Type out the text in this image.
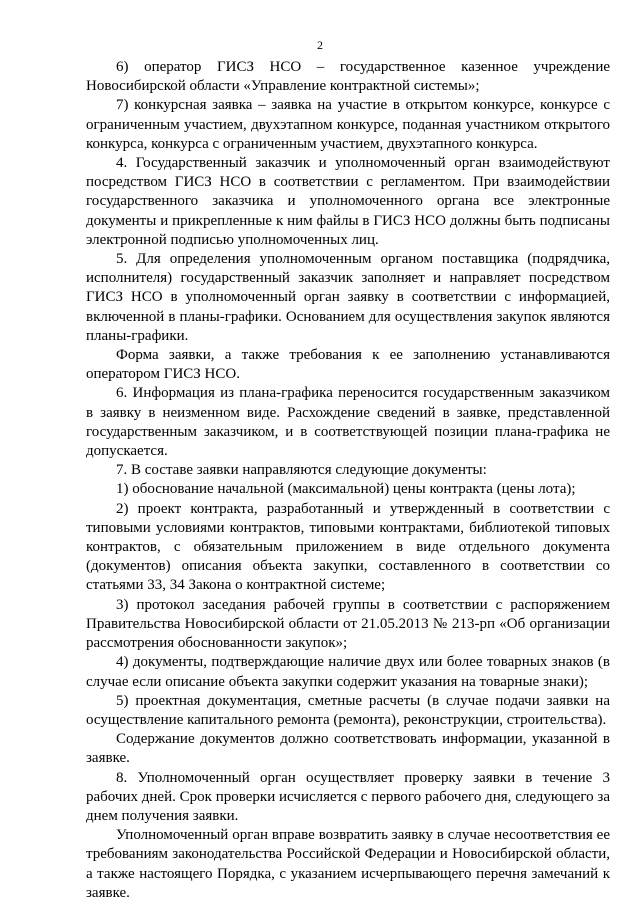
2

6) оператор ГИСЗ НСО – государственное казенное учреждение Новосибирской области «Управление контрактной системы»;

7) конкурсная заявка – заявка на участие в открытом конкурсе, конкурсе с ограниченным участием, двухэтапном конкурсе, поданная участником открытого конкурса, конкурса с ограниченным участием, двухэтапного конкурса.

4. Государственный заказчик и уполномоченный орган взаимодействуют посредством ГИСЗ НСО в соответствии с регламентом. При взаимодействии государственного заказчика и уполномоченного органа все электронные документы и прикрепленные к ним файлы в ГИСЗ НСО должны быть подписаны электронной подписью уполномоченных лиц.

5. Для определения уполномоченным органом поставщика (подрядчика, исполнителя) государственный заказчик заполняет и направляет посредством ГИСЗ НСО в уполномоченный орган заявку в соответствии с информацией, включенной в планы-графики. Основанием для осуществления закупок являются планы-графики.

Форма заявки, а также требования к ее заполнению устанавливаются оператором ГИСЗ НСО.

6. Информация из плана-графика переносится государственным заказчиком в заявку в неизменном виде. Расхождение сведений в заявке, представленной государственным заказчиком, и в соответствующей позиции плана-графика не допускается.

7. В составе заявки направляются следующие документы:

1) обоснование начальной (максимальной) цены контракта (цены лота);

2) проект контракта, разработанный и утвержденный в соответствии с типовыми условиями контрактов, типовыми контрактами, библиотекой типовых контрактов, с обязательным приложением в виде отдельного документа (документов) описания объекта закупки, составленного в соответствии со статьями 33, 34 Закона о контрактной системе;

3) протокол заседания рабочей группы в соответствии с распоряжением Правительства Новосибирской области от 21.05.2013 № 213-рп «Об организации рассмотрения обоснованности закупок»;

4) документы, подтверждающие наличие двух или более товарных знаков (в случае если описание объекта закупки содержит указания на товарные знаки);

5) проектная документация, сметные расчеты (в случае подачи заявки на осуществление капитального ремонта (ремонта), реконструкции, строительства).

Содержание документов должно соответствовать информации, указанной в заявке.

8. Уполномоченный орган осуществляет проверку заявки в течение 3 рабочих дней. Срок проверки исчисляется с первого рабочего дня, следующего за днем получения заявки.

Уполномоченный орган вправе возвратить заявку в случае несоответствия ее требованиям законодательства Российской Федерации и Новосибирской области, а также настоящего Порядка, с указанием исчерпывающего перечня замечаний к заявке.
